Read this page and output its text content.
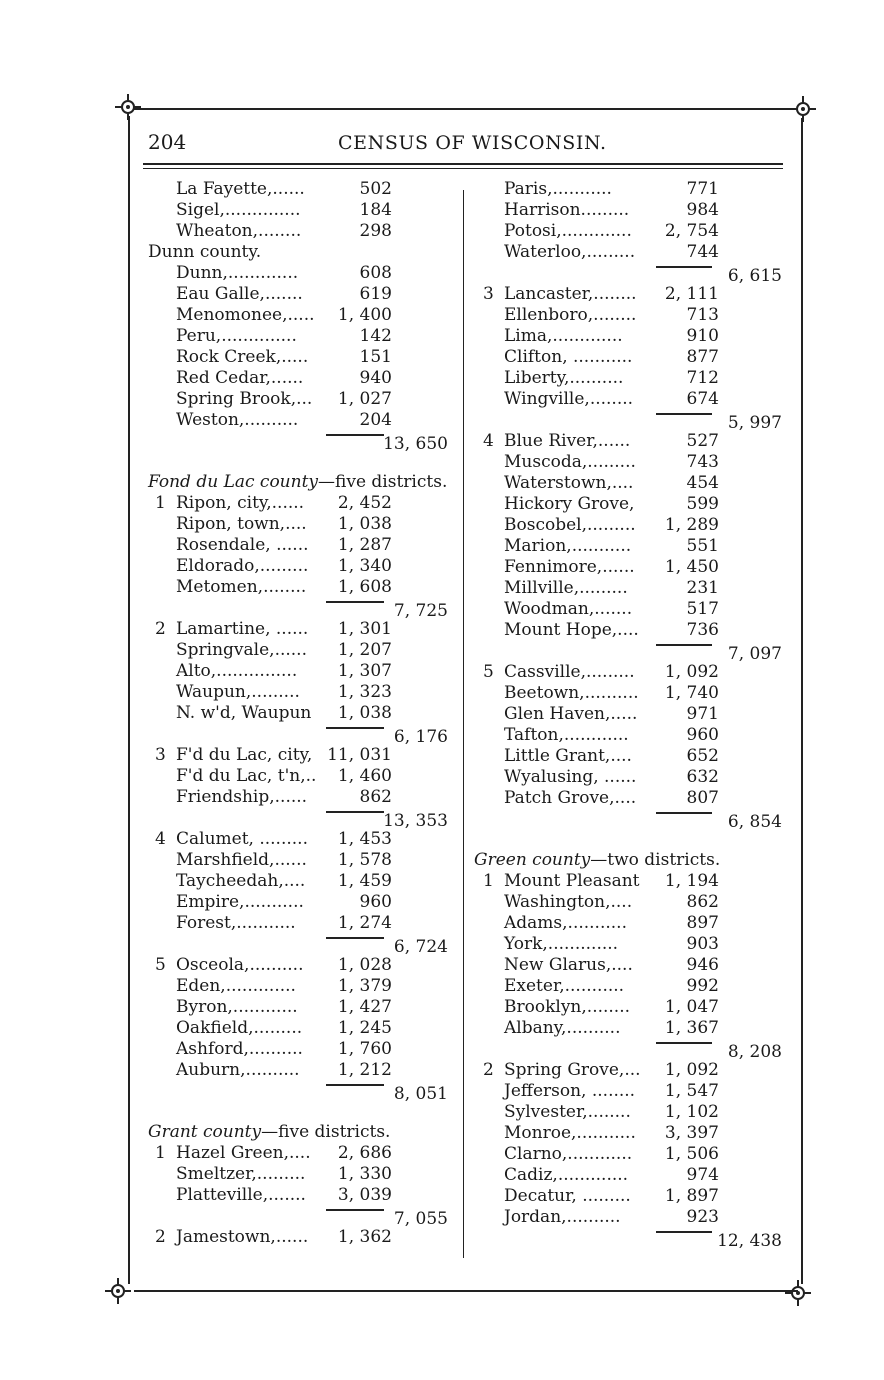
204	CENSUS OF WISCONSIN.
La Fayette,......	502
Sigel,..............	184
Wheaton,........	298
Dunn county.
Dunn,.............	608
Eau Galle,.......	619
Menomonee,.....	1, 400
Peru,..............	142
Rock Creek,.....	151
Red Cedar,......	940
Spring Brook,...	1, 027
Weston,..........	204
13, 650
Fond du Lac county—five districts.
1 Ripon, city,......	2, 452
Ripon, town,....	1, 038
Rosendale, ......	1, 287
Eldorado,.........	1, 340
Metomen,........	1, 608
7, 725
2 Lamartine, ......	1, 301
Springvale,......	1, 207
Alto,...............	1, 307
Waupun,.........	1, 323
N. w'd, Waupun	1, 038
6, 176
3 F'd du Lac, city, 11, 031
F'd du Lac, t'n,..	1, 460
Friendship,......	862
13, 353
4 Calumet, .........	1, 453
Marshfield,......	1, 578
Taycheedah,....	1, 459
Empire,...........	960
Forest,...........	1, 274
6, 724
5 Osceola,..........	1, 028
Eden,.............	1, 379
Byron,............	1, 427
Oakfield,.........	1, 245
Ashford,..........	1, 760
Auburn,..........	1, 212
8, 051
Grant county—five districts.
1 Hazel Green,....	2, 686
Smeltzer,.........	1, 330
Platteville,.......	3, 039
7, 055
2 Jamestown,......	1, 362
Paris,...........	771
Harrison.........	984
Potosi,.............	2, 754
Waterloo,.........	744
6, 615
3 Lancaster,........	2, 111
Ellenboro,........	713
Lima,.............	910
Clifton, ...........	877
Liberty,..........	712
Wingville,........	674
5, 997
4 Blue River,......	527
Muscoda,.........	743
Waterstown,....	454
Hickory Grove,	599
Boscobel,.........	1, 289
Marion,...........	551
Fennimore,......	1, 450
Millville,.........	231
Woodman,.......	517
Mount Hope,....	736
7, 097
5 Cassville,.........	1, 092
Beetown,..........	1, 740
Glen Haven,.....	971
Tafton,............	960
Little Grant,....	652
Wyalusing, ......	632
Patch Grove,....	807
6, 854
Green county—two districts.
1 Mount Pleasant	1, 194
Washington,....	862
Adams,...........	897
York,.............	903
New Glarus,....	946
Exeter,...........	992
Brooklyn,........	1, 047
Albany,..........	1, 367
8, 208
2 Spring Grove,...	1, 092
Jefferson, ........	1, 547
Sylvester,........	1, 102
Monroe,...........	3, 397
Clarno,............	1, 506
Cadiz,.............	974
Decatur, .........	1, 897
Jordan,..........	923
12, 438
